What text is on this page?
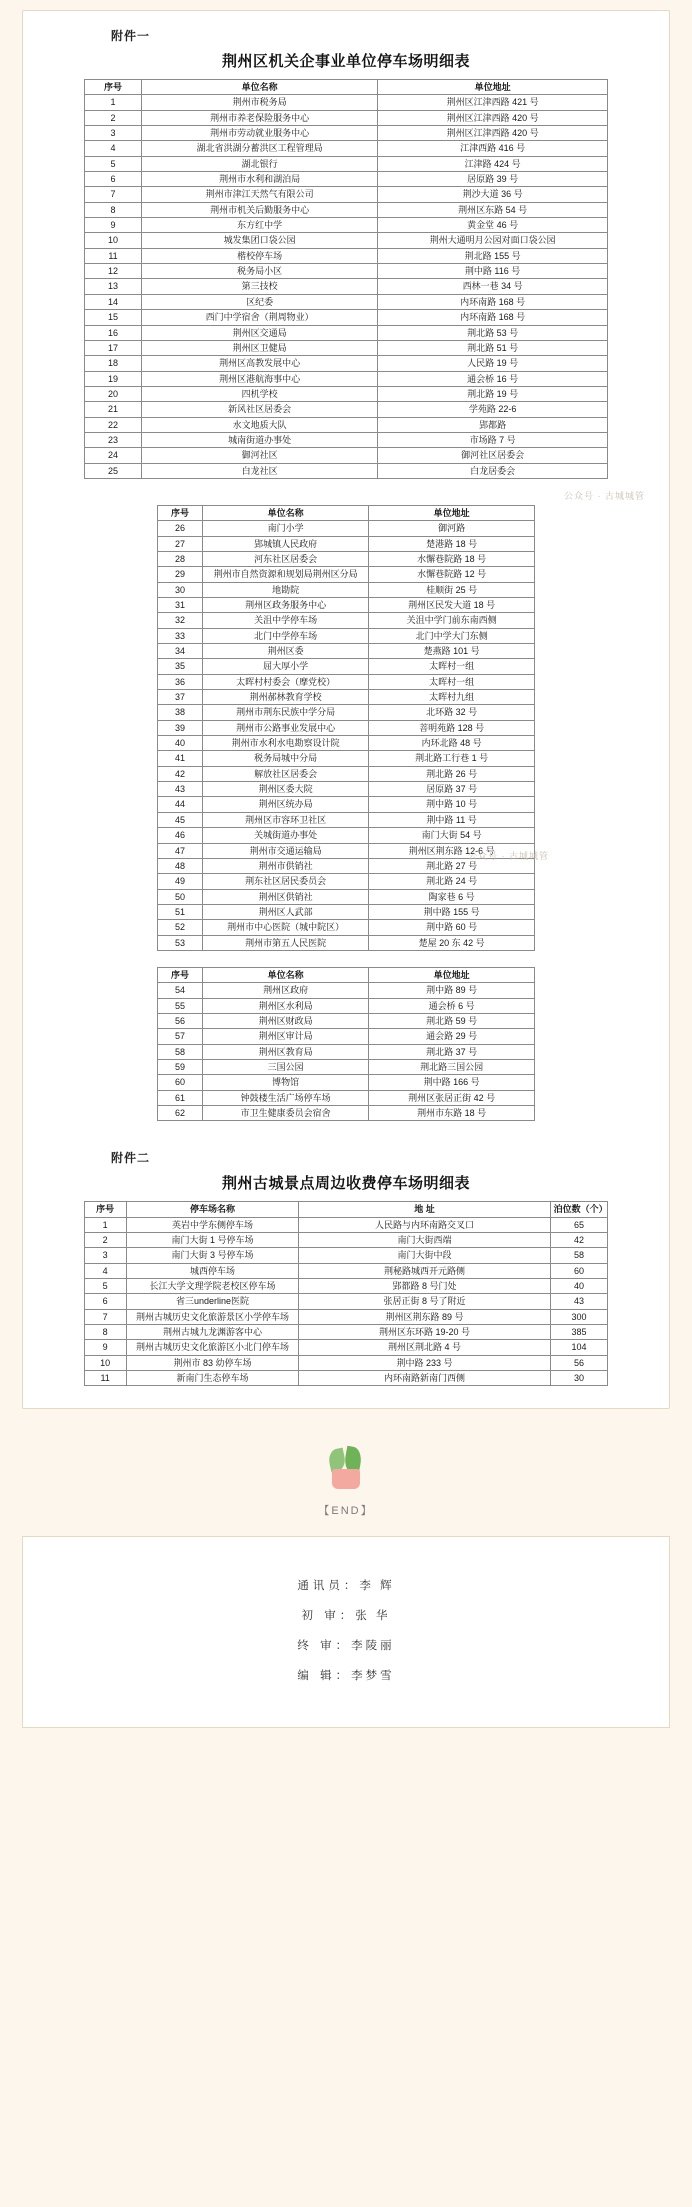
附件一
荆州区机关企事业单位停车场明细表
序号	单位名称	单位地址
1	荆州市税务局	荆州区江津西路 421 号
2	荆州市养老保险服务中心	荆州区江津西路 420 号
3	荆州市劳动就业服务中心	荆州区江津西路 420 号
4	湖北省洪湖分蓄洪区工程管理局	江津西路 416 号
5	湖北银行	江津路 424 号
6	荆州市水利和湖泊局	居原路 39 号
7	荆州市津江天然气有限公司	荆沙大道 36 号
8	荆州市机关后勤服务中心	荆州区东路 54 号
9	东方红中学	黄金堂 46 号
10	城发集团口袋公园	荆州大通明月公园对面口袋公园
11	楷校停车场	荆北路 155 号
12	税务局小区	荆中路 116 号
13	第三技校	西林一巷 34 号
14	区纪委	内环南路 168 号
15	西门中学宿舍（荆周物业）	内环南路 168 号
16	荆州区交通局	荆北路 53 号
17	荆州区卫健局	荆北路 51 号
18	荆州区高教发展中心	人民路 19 号
19	荆州区港航海事中心	通会桥 16 号
20	四机学校	荆北路 19 号
21	新风社区居委会	学苑路 22-6
22	水文地质大队	郢都路
23	城南街道办事处	市场路 7 号
24	御河社区	御河社区居委会
25	白龙社区	白龙居委会
序号	单位名称	单位地址
26	南门小学	御河路
27	郢城镇人民政府	楚港路 18 号
28	河东社区居委会	水懈巷院路 18 号
29	荆州市自然资源和规划局荆州区分局	水懈巷院路 12 号
30	地勘院	桂顺街 25 号
31	荆州区政务服务中心	荆州区民发大道 18 号
32	关沮中学停车场	关沮中学门前东南西侧
33	北门中学停车场	北门中学大门东侧
34	荆州区委	楚燕路 101 号
35	屈大厚小学	太晖村一组
36	太晖村村委会（摩党校）	太晖村一组
37	荆州郝林教育学校	太晖村九组
38	荆州市荆东民族中学分局	北环路 32 号
39	荆州市公路事业发展中心	菩明苑路 128 号
40	荆州市水利水电勘察设计院	内环北路 48 号
41	税务局城中分局	荆北路工行巷 1 号
42	解放社区居委会	荆北路 26 号
43	荆州区委大院	居原路 37 号
44	荆州区统办局	荆中路 10 号
45	荆州区市容环卫社区	荆中路 11 号
46	关城街道办事处	南门大街 54 号
47	荆州市交通运输局	荆州区荆东路 12-6 号
48	荆州市供销社	荆北路 27 号
49	荆东社区居民委员会	荆北路 24 号
50	荆州区供销社	陶家巷 6 号
51	荆州区人武部	荆中路 155 号
52	荆州市中心医院（城中院区）	荆中路 60 号
53	荆州市第五人民医院	楚屋 20 东 42 号
序号	单位名称	单位地址
54	荆州区政府	荆中路 89 号
55	荆州区水利局	通会桥 6 号
56	荆州区财政局	荆北路 59 号
57	荆州区审计局	通会路 29 号
58	荆州区教育局	荆北路 37 号
59	三国公园	荆北路三国公园
60	博物馆	荆中路 166 号
61	钟鼓楼生活广场停车场	荆州区张居正街 42 号
62	市卫生健康委员会宿舍	荆州市东路 18 号
附件二
荆州古城景点周边收费停车场明细表
序号	停车场名称	地 址	泊位数（个）
1	英岩中学东侧停车场	人民路与内环南路交叉口	65
2	南门大街 1 号停车场	南门大街西端	42
3	南门大街 3 号停车场	南门大街中段	58
4	城西停车场	荆秘路城西开元路侧	60
5	长江大学文理学院老校区停车场	郢都路 8 号门处	40
6	省三underline医院	张居正街 8 号了附近	43
7	荆州古城历史文化旅游景区小学停车场	荆州区荆东路 89 号	300
8	荆州古城九龙渊游客中心	荆州区东环路 19-20 号	385
9	荆州古城历史文化旅游区小北门停车场	荆州区荆北路 4 号	104
10	荆州市 83 幼停车场	荆中路 233 号	56
11	新南门生态停车场	内环南路新南门西侧	30
公众号 · 古城城管
公众号 · 古城城管
【END】
通讯员：李 辉
初 审：张 华
终 审：李陵丽
编 辑：李梦雪
